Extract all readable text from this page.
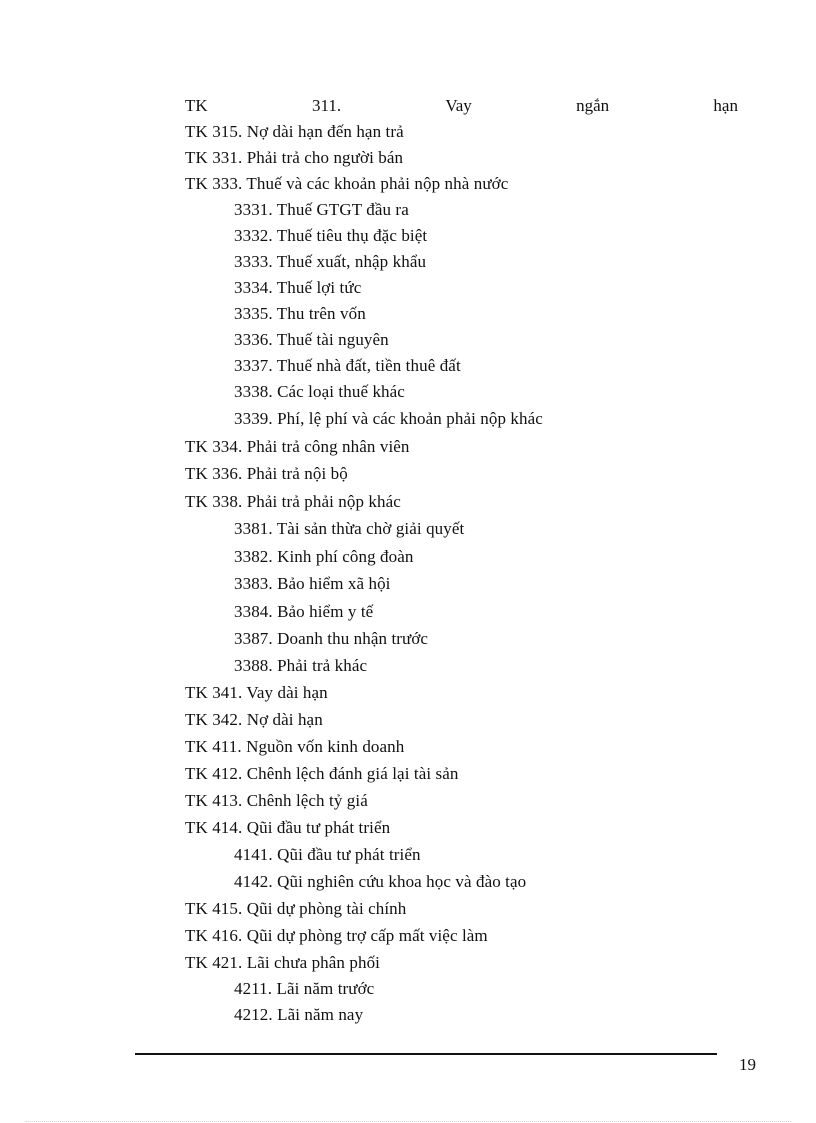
TK	311.	Vay	ngắn	hạn
TK 315. Nợ dài hạn đến hạn trả
TK 331. Phải trả cho người bán
TK 333. Thuế và các khoản phải nộp nhà nước
3331. Thuế GTGT đầu ra
3332. Thuế tiêu thụ đặc biệt
3333. Thuế xuất, nhập khẩu
3334. Thuế lợi tức
3335. Thu trên vốn
3336. Thuế tài nguyên
3337. Thuế nhà đất, tiền thuê đất
3338. Các loại thuế khác
3339. Phí, lệ phí và các khoản phải nộp khác
TK 334. Phải trả công nhân viên
TK 336. Phải trả nội bộ
TK 338. Phải trả phải nộp khác
3381. Tài sản thừa chờ giải quyết
3382. Kinh phí công đoàn
3383. Bảo hiểm xã hội
3384. Bảo hiểm y tế
3387. Doanh thu nhận trước
3388. Phải trả khác
TK 341. Vay dài hạn
TK 342. Nợ dài hạn
TK 411. Nguồn vốn kinh doanh
TK 412. Chênh lệch đánh giá lại tài sản
TK 413. Chênh lệch tỷ giá
TK 414. Qũi đầu tư phát triển
4141. Qũi đầu tư phát triển
4142. Qũi nghiên cứu khoa học và đào tạo
TK 415. Qũi dự phòng tài chính
TK 416. Qũi dự phòng trợ cấp mất việc làm
TK 421. Lãi chưa phân phối
4211. Lãi năm trước
4212. Lãi năm nay
19
